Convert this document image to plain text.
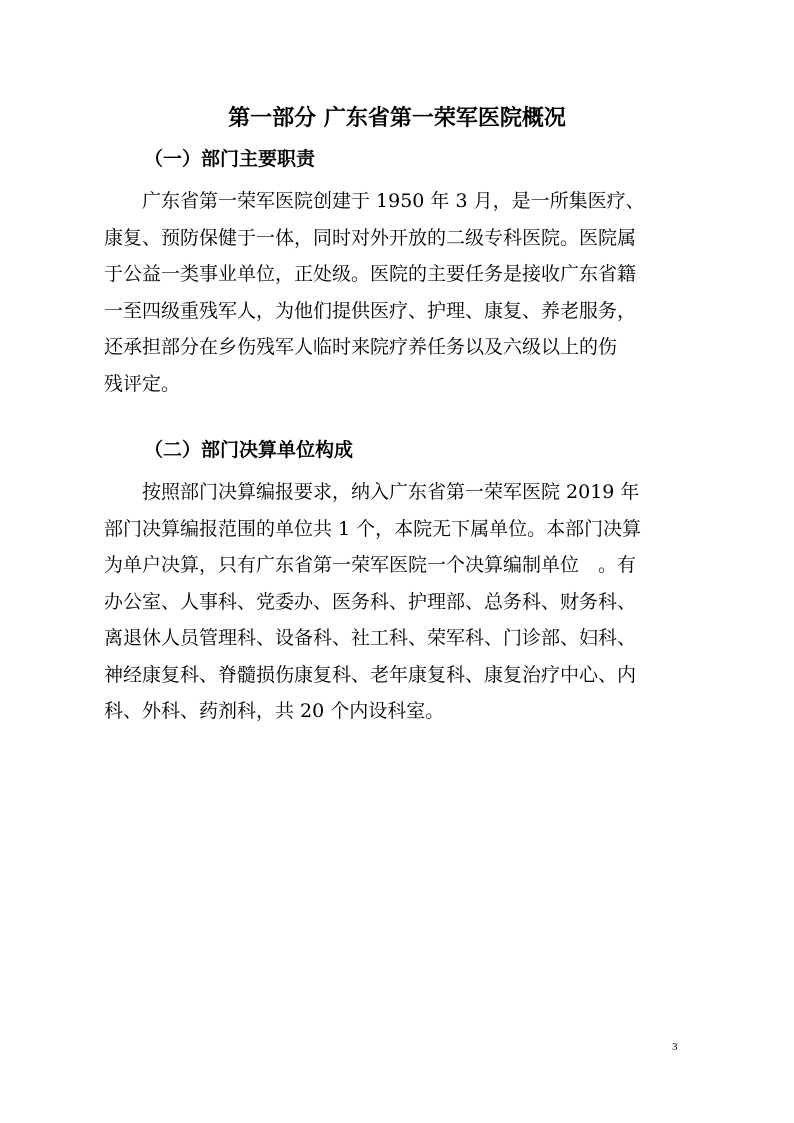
第一部分 广东省第一荣军医院概况
（一）部门主要职责

　　广东省第一荣军医院创建于 1950 年 3 月，是一所集医疗、
康复、预防保健于一体，同时对外开放的二级专科医院。医院属
于公益一类事业单位，正处级。医院的主要任务是接收广东省籍
一至四级重残军人，为他们提供医疗、护理、康复、养老服务，
还承担部分在乡伤残军人临时来院疗养任务以及六级以上的伤
残评定。

（二）部门决算单位构成

　　按照部门决算编报要求，纳入广东省第一荣军医院 2019 年
部门决算编报范围的单位共 1 个，本院无下属单位。本部门决算
为单户决算，只有广东省第一荣军医院一个决算编制单位　。有
办公室、人事科、党委办、医务科、护理部、总务科、财务科、
离退休人员管理科、设备科、社工科、荣军科、门诊部、妇科、
神经康复科、脊髓损伤康复科、老年康复科、康复治疗中心、内
科、外科、药剂科，共 20 个内设科室。

3
